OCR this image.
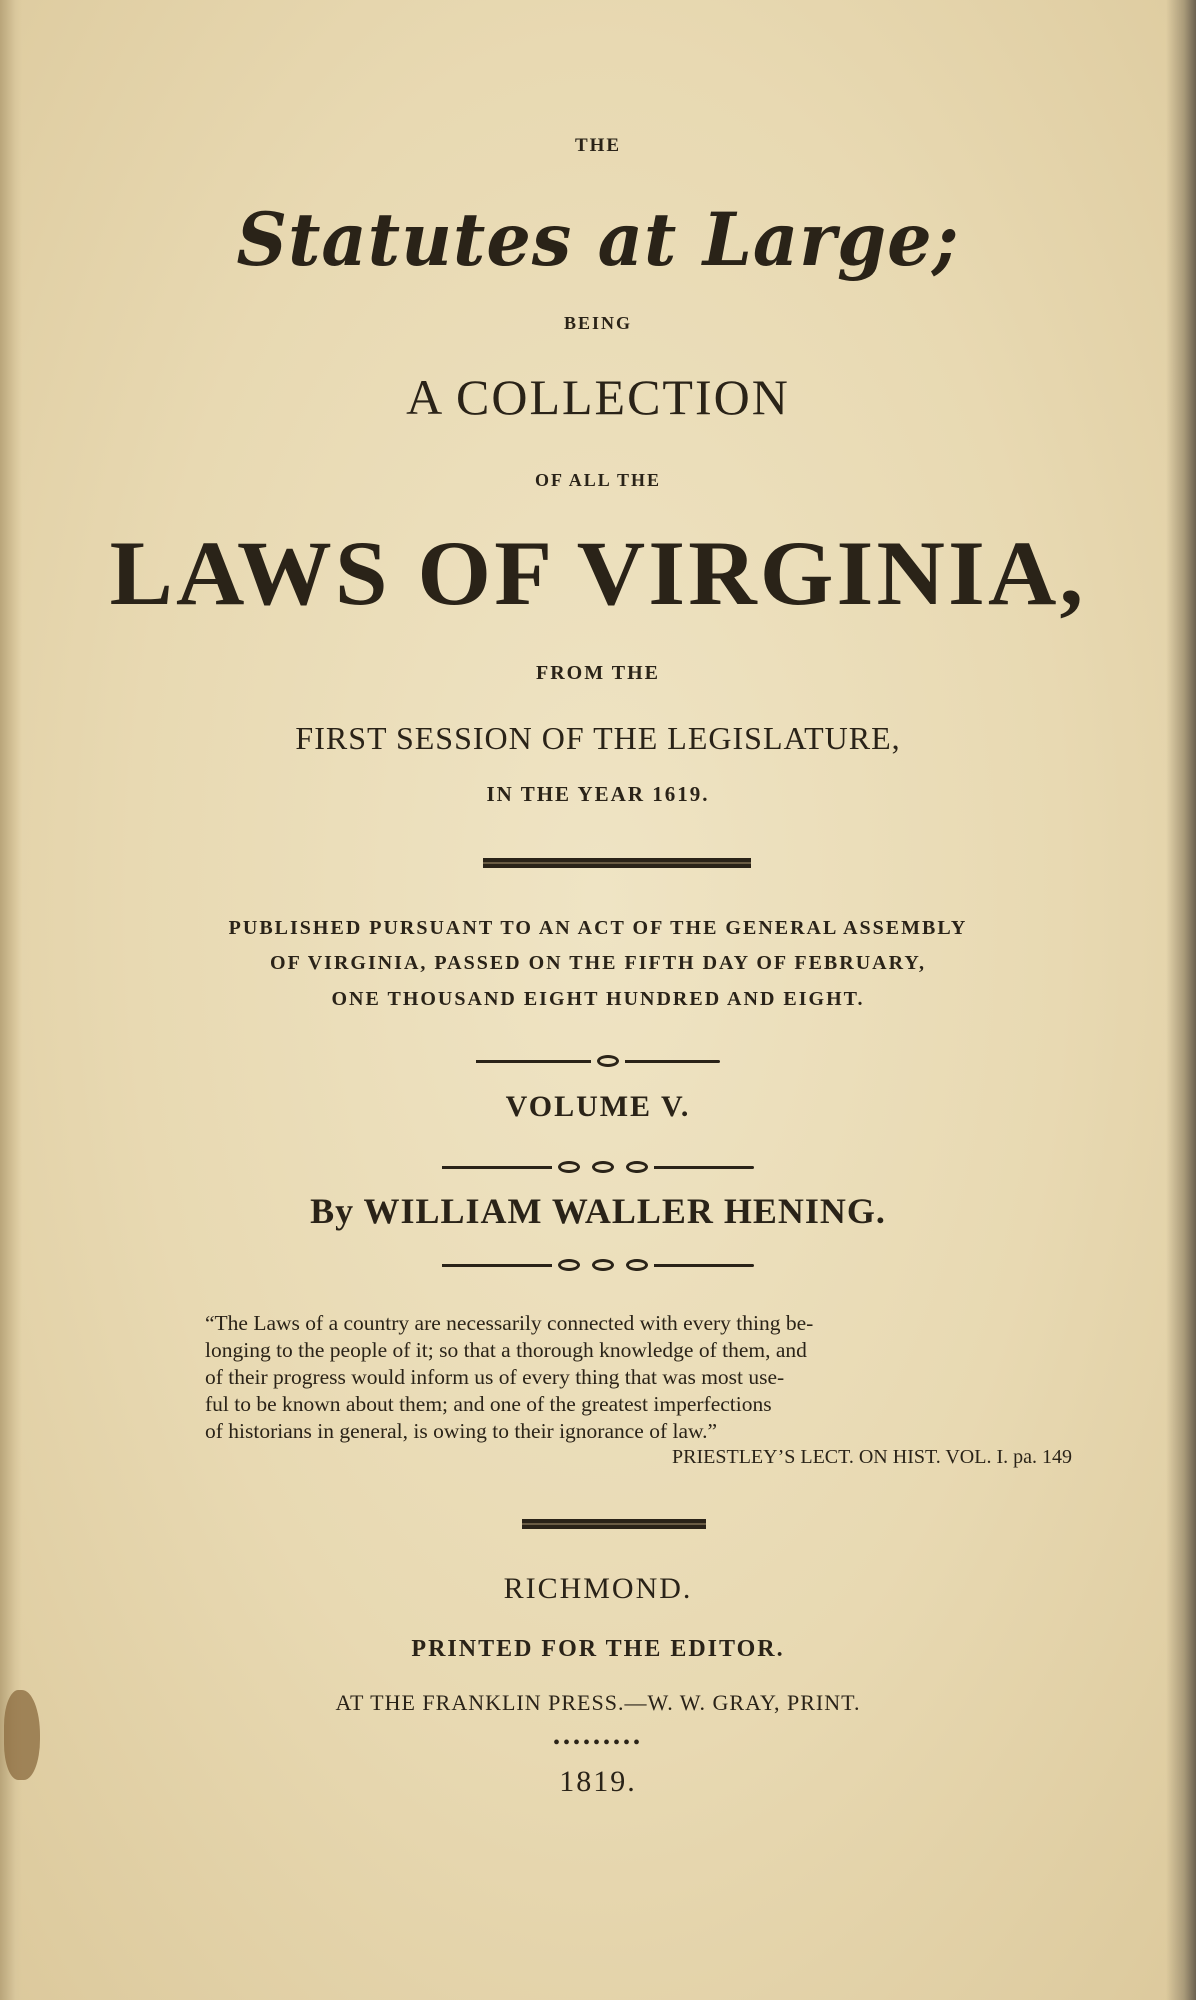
THE
Statutes at Large;
BEING
A COLLECTION
OF ALL THE
LAWS OF VIRGINIA,
FROM THE
FIRST SESSION OF THE LEGISLATURE,
IN THE YEAR 1619.
PUBLISHED PURSUANT TO AN ACT OF THE GENERAL ASSEMBLY
OF VIRGINIA, PASSED ON THE FIFTH DAY OF FEBRUARY,
ONE THOUSAND EIGHT HUNDRED AND EIGHT.
VOLUME V.
By WILLIAM WALLER HENING.
“The Laws of a country are necessarily connected with every thing be-
longing to the people of it; so that a thorough knowledge of them, and
of their progress would inform us of every thing that was most use-
ful to be known about them; and one of the greatest imperfections
of historians in general, is owing to their ignorance of law.”
PRIESTLEY’S LECT. ON HIST. VOL. I. pa. 149
RICHMOND.
PRINTED FOR THE EDITOR.
AT THE FRANKLIN PRESS.—W. W. GRAY, PRINT.
•••••••••
1819.
